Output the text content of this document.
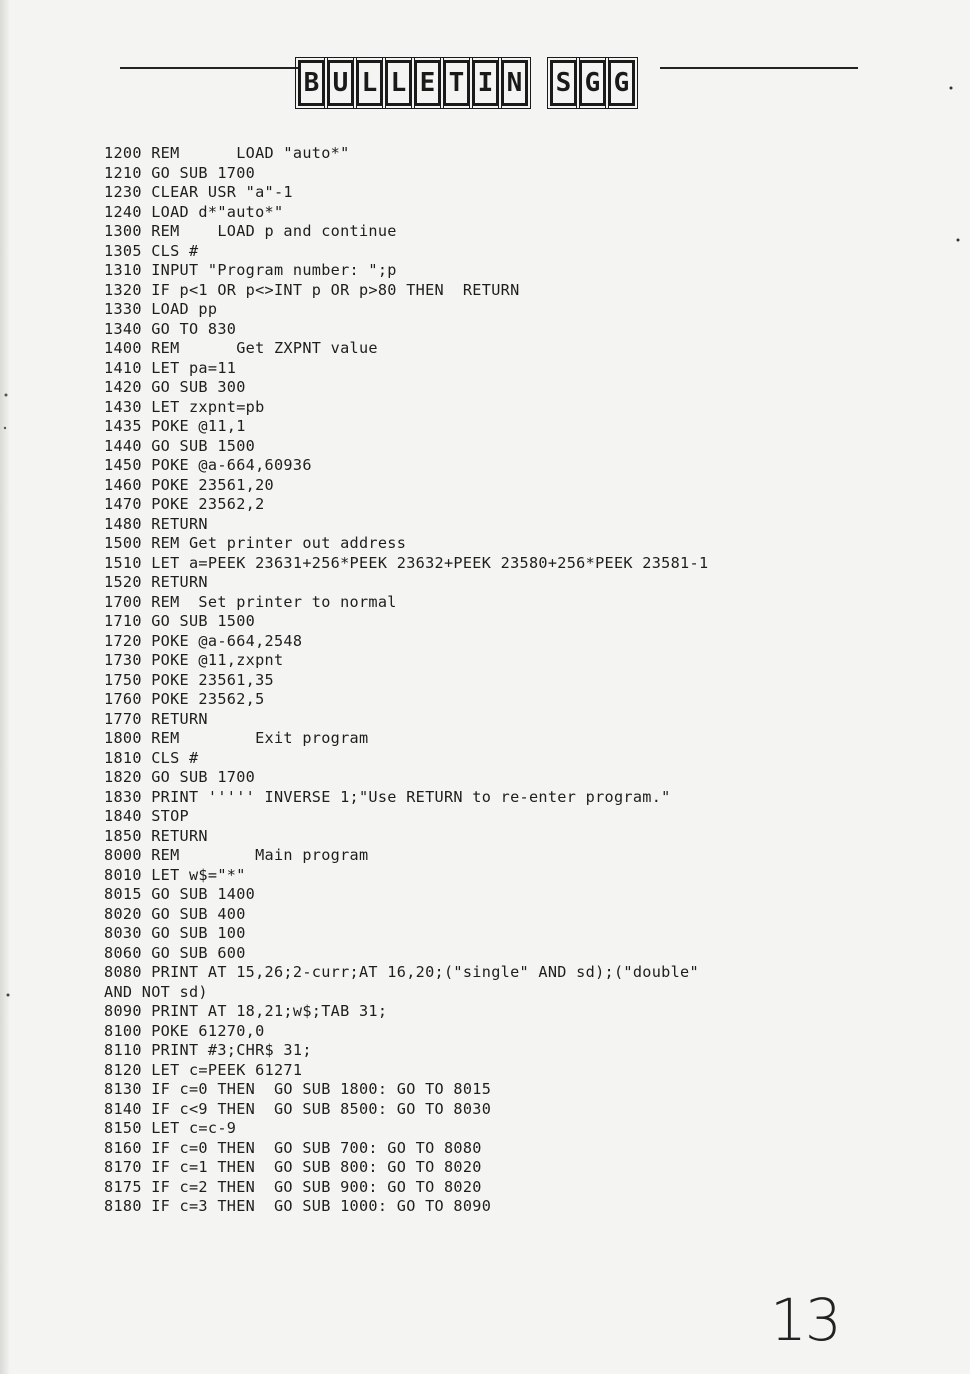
B U L L E T I N S G G
1200 REM      LOAD "auto*"
1210 GO SUB 1700
1230 CLEAR USR "a"-1
1240 LOAD d*"auto*"
1300 REM    LOAD p and continue
1305 CLS #
1310 INPUT "Program number: ";p
1320 IF p<1 OR p<>INT p OR p>80 THEN  RETURN
1330 LOAD pp
1340 GO TO 830
1400 REM      Get ZXPNT value
1410 LET pa=11
1420 GO SUB 300
1430 LET zxpnt=pb
1435 POKE @11,1
1440 GO SUB 1500
1450 POKE @a-664,60936
1460 POKE 23561,20
1470 POKE 23562,2
1480 RETURN
1500 REM Get printer out address
1510 LET a=PEEK 23631+256*PEEK 23632+PEEK 23580+256*PEEK 23581-1
1520 RETURN
1700 REM  Set printer to normal
1710 GO SUB 1500
1720 POKE @a-664,2548
1730 POKE @11,zxpnt
1750 POKE 23561,35
1760 POKE 23562,5
1770 RETURN
1800 REM        Exit program
1810 CLS #
1820 GO SUB 1700
1830 PRINT ''''' INVERSE 1;"Use RETURN to re-enter program."
1840 STOP
1850 RETURN
8000 REM        Main program
8010 LET w$="*"
8015 GO SUB 1400
8020 GO SUB 400
8030 GO SUB 100
8060 GO SUB 600
8080 PRINT AT 15,26;2-curr;AT 16,20;("single" AND sd);("double"
AND NOT sd)
8090 PRINT AT 18,21;w$;TAB 31;
8100 POKE 61270,0
8110 PRINT #3;CHR$ 31;
8120 LET c=PEEK 61271
8130 IF c=0 THEN  GO SUB 1800: GO TO 8015
8140 IF c<9 THEN  GO SUB 8500: GO TO 8030
8150 LET c=c-9
8160 IF c=0 THEN  GO SUB 700: GO TO 8080
8170 IF c=1 THEN  GO SUB 800: GO TO 8020
8175 IF c=2 THEN  GO SUB 900: GO TO 8020
8180 IF c=3 THEN  GO SUB 1000: GO TO 8090
13
